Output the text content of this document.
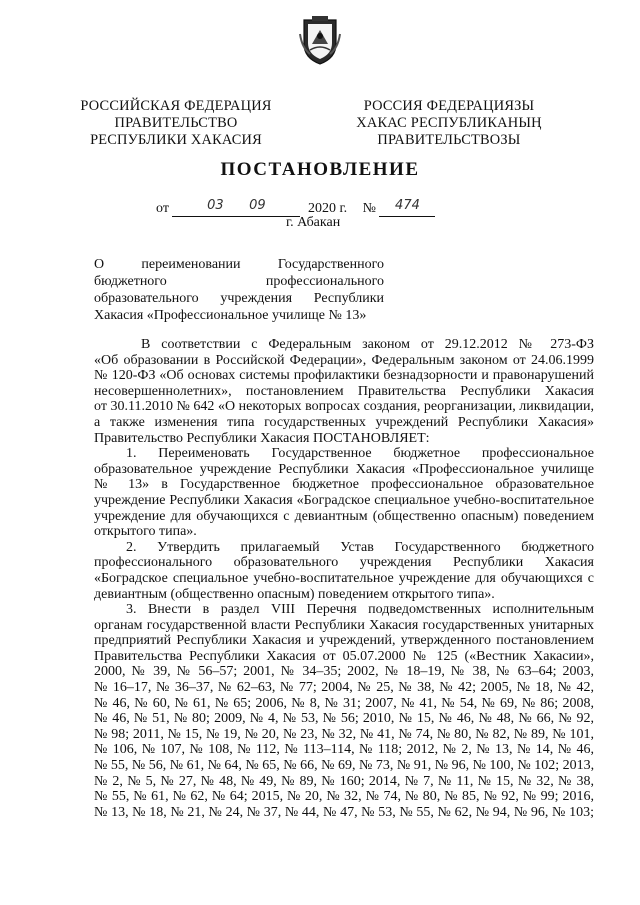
РОССИЙСКАЯ ФЕДЕРАЦИЯ
ПРАВИТЕЛЬСТВО
РЕСПУБЛИКИ ХАКАСИЯ
РОССИЯ ФЕДЕРАЦИЯЗЫ
ХАКАС РЕСПУБЛИКАНЫҢ
ПРАВИТЕЛЬСТВОЗЫ
ПОСТАНОВЛЕНИЕ
от	03 09	2020 г. № 474
г. Абакан
О переименовании Государственного
бюджетного профессионального
образовательного учреждения Республики
Хакасия «Профессиональное училище № 13»
В соответствии с Федеральным законом от 29.12.2012 № 273-ФЗ
«Об образовании в Российской Федерации», Федеральным законом от 24.06.1999
№ 120-ФЗ «Об основах системы профилактики безнадзорности и правонарушений
несовершеннолетних», постановлением Правительства Республики Хакасия
от 30.11.2010 № 642 «О некоторых вопросах создания, реорганизации, ликвидации,
а также изменения типа государственных учреждений Республики Хакасия»
Правительство Республики Хакасия ПОСТАНОВЛЯЕТ:
1. Переименовать Государственное бюджетное профессиональное
образовательное учреждение Республики Хакасия «Профессиональное училище
№ 13» в Государственное бюджетное профессиональное образовательное
учреждение Республики Хакасия «Боградское специальное учебно-воспитательное
учреждение для обучающихся с девиантным (общественно опасным) поведением
открытого типа».
2. Утвердить прилагаемый Устав Государственного бюджетного
профессионального образовательного учреждения Республики Хакасия
«Боградское специальное учебно-воспитательное учреждение для обучающихся с
девиантным (общественно опасным) поведением открытого типа».
3. Внести в раздел VIII Перечня подведомственных исполнительным
органам государственной власти Республики Хакасия государственных унитарных
предприятий Республики Хакасия и учреждений, утвержденного постановлением
Правительства Республики Хакасия от 05.07.2000 № 125 («Вестник Хакасии»,
2000, № 39, № 56–57; 2001, № 34–35; 2002, № 18–19, № 38, № 63–64; 2003,
№ 16–17, № 36–37, № 62–63, № 77; 2004, № 25, № 38, № 42; 2005, № 18, № 42,
№ 46, № 60, № 61, № 65; 2006, № 8, № 31; 2007, № 41, № 54, № 69, № 86; 2008,
№ 46, № 51, № 80; 2009, № 4, № 53, № 56; 2010, № 15, № 46, № 48, № 66, № 92,
№ 98; 2011, № 15, № 19, № 20, № 23, № 32, № 41, № 74, № 80, № 82, № 89, № 101,
№ 106, № 107, № 108, № 112, № 113–114, № 118; 2012, № 2, № 13, № 14, № 46,
№ 55, № 56, № 61, № 64, № 65, № 66, № 69, № 73, № 91, № 96, № 100, № 102; 2013,
№ 2, № 5, № 27, № 48, № 49, № 89, № 160; 2014, № 7, № 11, № 15, № 32, № 38,
№ 55, № 61, № 62, № 64; 2015, № 20, № 32, № 74, № 80, № 85, № 92, № 99; 2016,
№ 13, № 18, № 21, № 24, № 37, № 44, № 47, № 53, № 55, № 62, № 94, № 96, № 103;
